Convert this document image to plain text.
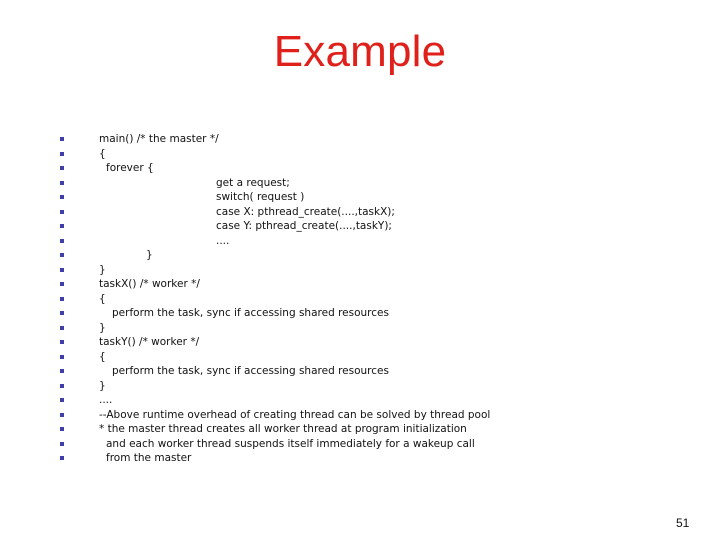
Example
main() /* the master */
{
forever {
get a request;
switch( request )
case X: pthread_create(....,taskX);
case Y: pthread_create(....,taskY);
....
}
}
taskX() /* worker */
{
perform the task, sync if accessing shared resources
}
taskY() /* worker */
{
perform the task, sync if accessing shared resources
}
....
--Above runtime overhead of creating thread can be solved by thread pool
* the master thread creates all worker thread at program initialization
and each worker thread suspends itself immediately for a wakeup call
from the master
51
